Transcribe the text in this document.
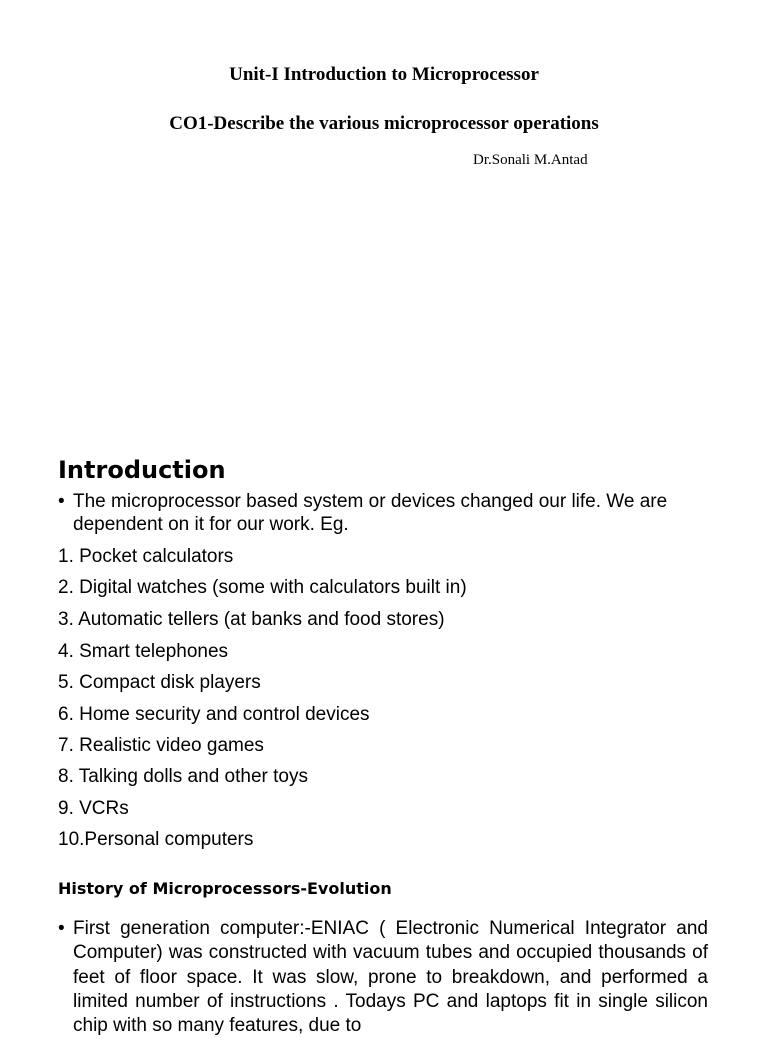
Unit-I Introduction to Microprocessor
CO1-Describe the various microprocessor operations
Dr.Sonali M.Antad
Introduction
• The microprocessor based system or devices changed our life. We are dependent on it for our work. Eg.
1. Pocket calculators
2. Digital watches (some with calculators built in)
3. Automatic tellers (at banks and food stores)
4. Smart telephones
5. Compact disk players
6. Home security and control devices
7. Realistic video games
8. Talking dolls and other toys
9. VCRs
10.Personal computers
History of Microprocessors-Evolution
• First generation computer:-ENIAC ( Electronic Numerical Integrator and Computer) was constructed with vacuum tubes and occupied thousands of feet of floor space. It was slow, prone to breakdown, and performed a limited number of instructions . Todays PC and laptops fit in single silicon chip with so many features, due to
